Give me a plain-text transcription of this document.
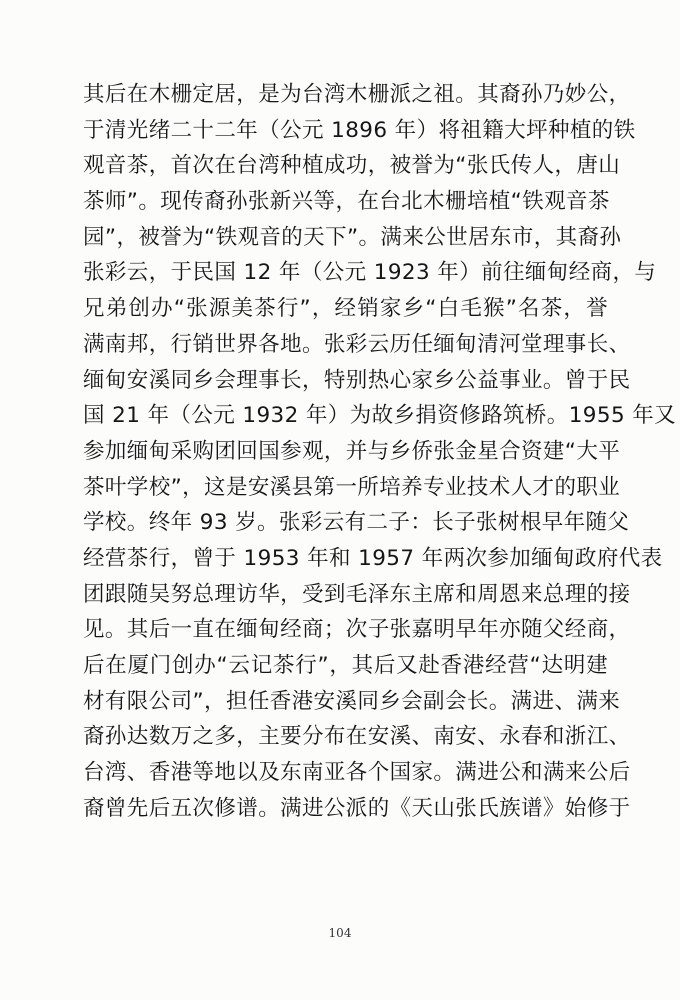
其后在木栅定居，是为台湾木栅派之祖。其裔孙乃妙公，
于清光绪二十二年（公元 1896 年）将祖籍大坪种植的铁
观音茶，首次在台湾种植成功，被誉为“张氏传人，唐山
茶师”。现传裔孙张新兴等，在台北木栅培植“铁观音茶
园”，被誉为“铁观音的天下”。满来公世居东市，其裔孙
张彩云，于民国 12 年（公元 1923 年）前往缅甸经商，与
兄弟创办“张源美茶行”，经销家乡“白毛猴”名茶，誉
满南邦，行销世界各地。张彩云历任缅甸清河堂理事长、
缅甸安溪同乡会理事长，特别热心家乡公益事业。曾于民
国 21 年（公元 1932 年）为故乡捐资修路筑桥。1955 年又
参加缅甸采购团回国参观，并与乡侨张金星合资建“大平
茶叶学校”，这是安溪县第一所培养专业技术人才的职业
学校。终年 93 岁。张彩云有二子：长子张树根早年随父
经营茶行，曾于 1953 年和 1957 年两次参加缅甸政府代表
团跟随吴努总理访华，受到毛泽东主席和周恩来总理的接
见。其后一直在缅甸经商；次子张嘉明早年亦随父经商，
后在厦门创办“云记茶行”，其后又赴香港经营“达明建
材有限公司”，担任香港安溪同乡会副会长。满进、满来
裔孙达数万之多，主要分布在安溪、南安、永春和浙江、
台湾、香港等地以及东南亚各个国家。满进公和满来公后
裔曾先后五次修谱。满进公派的《天山张氏族谱》始修于
104
